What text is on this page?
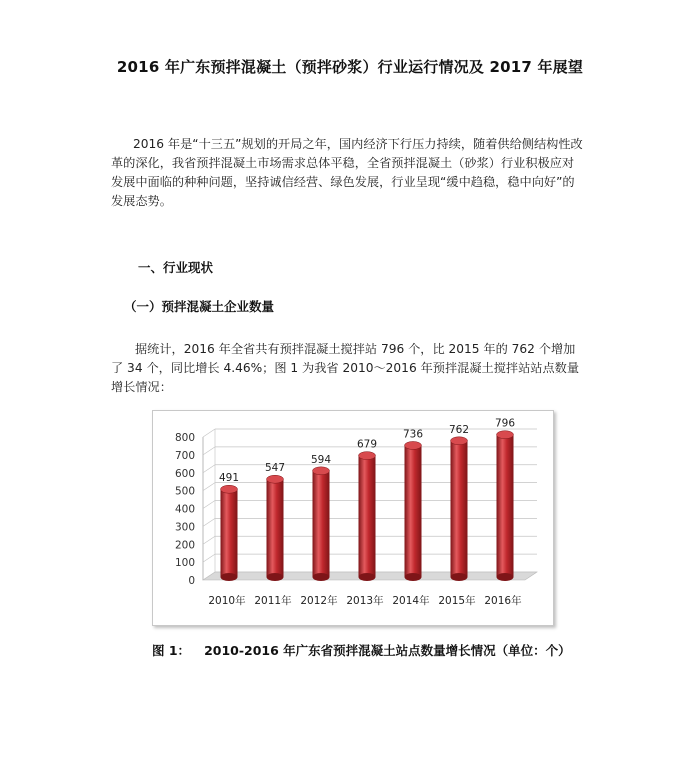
2016 年广东预拌混凝土（预拌砂浆）行业运行情况及 2017 年展望
2016 年是“十三五”规划的开局之年，国内经济下行压力持续，随着供给侧结构性改革的深化，我省预拌混凝土市场需求总体平稳，全省预拌混凝土（砂浆）行业积极应对发展中面临的种种问题，坚持诚信经营、绿色发展，行业呈现“缓中趋稳，稳中向好”的发展态势。
一、行业现状
（一）预拌混凝土企业数量
据统计，2016 年全省共有预拌混凝土搅拌站 796 个，比 2015 年的 762 个增加了 34 个，同比增长 4.46%；图 1 为我省 2010～2016 年预拌混凝土搅拌站站点数量增长情况：
0
100
200
300
400
500
600
700
800
491
2010年
547
2011年
594
2012年
679
2013年
736
2014年
762
2015年
796
2016年
图 1： 2010-2016 年广东省预拌混凝土站点数量增长情况（单位：个）
